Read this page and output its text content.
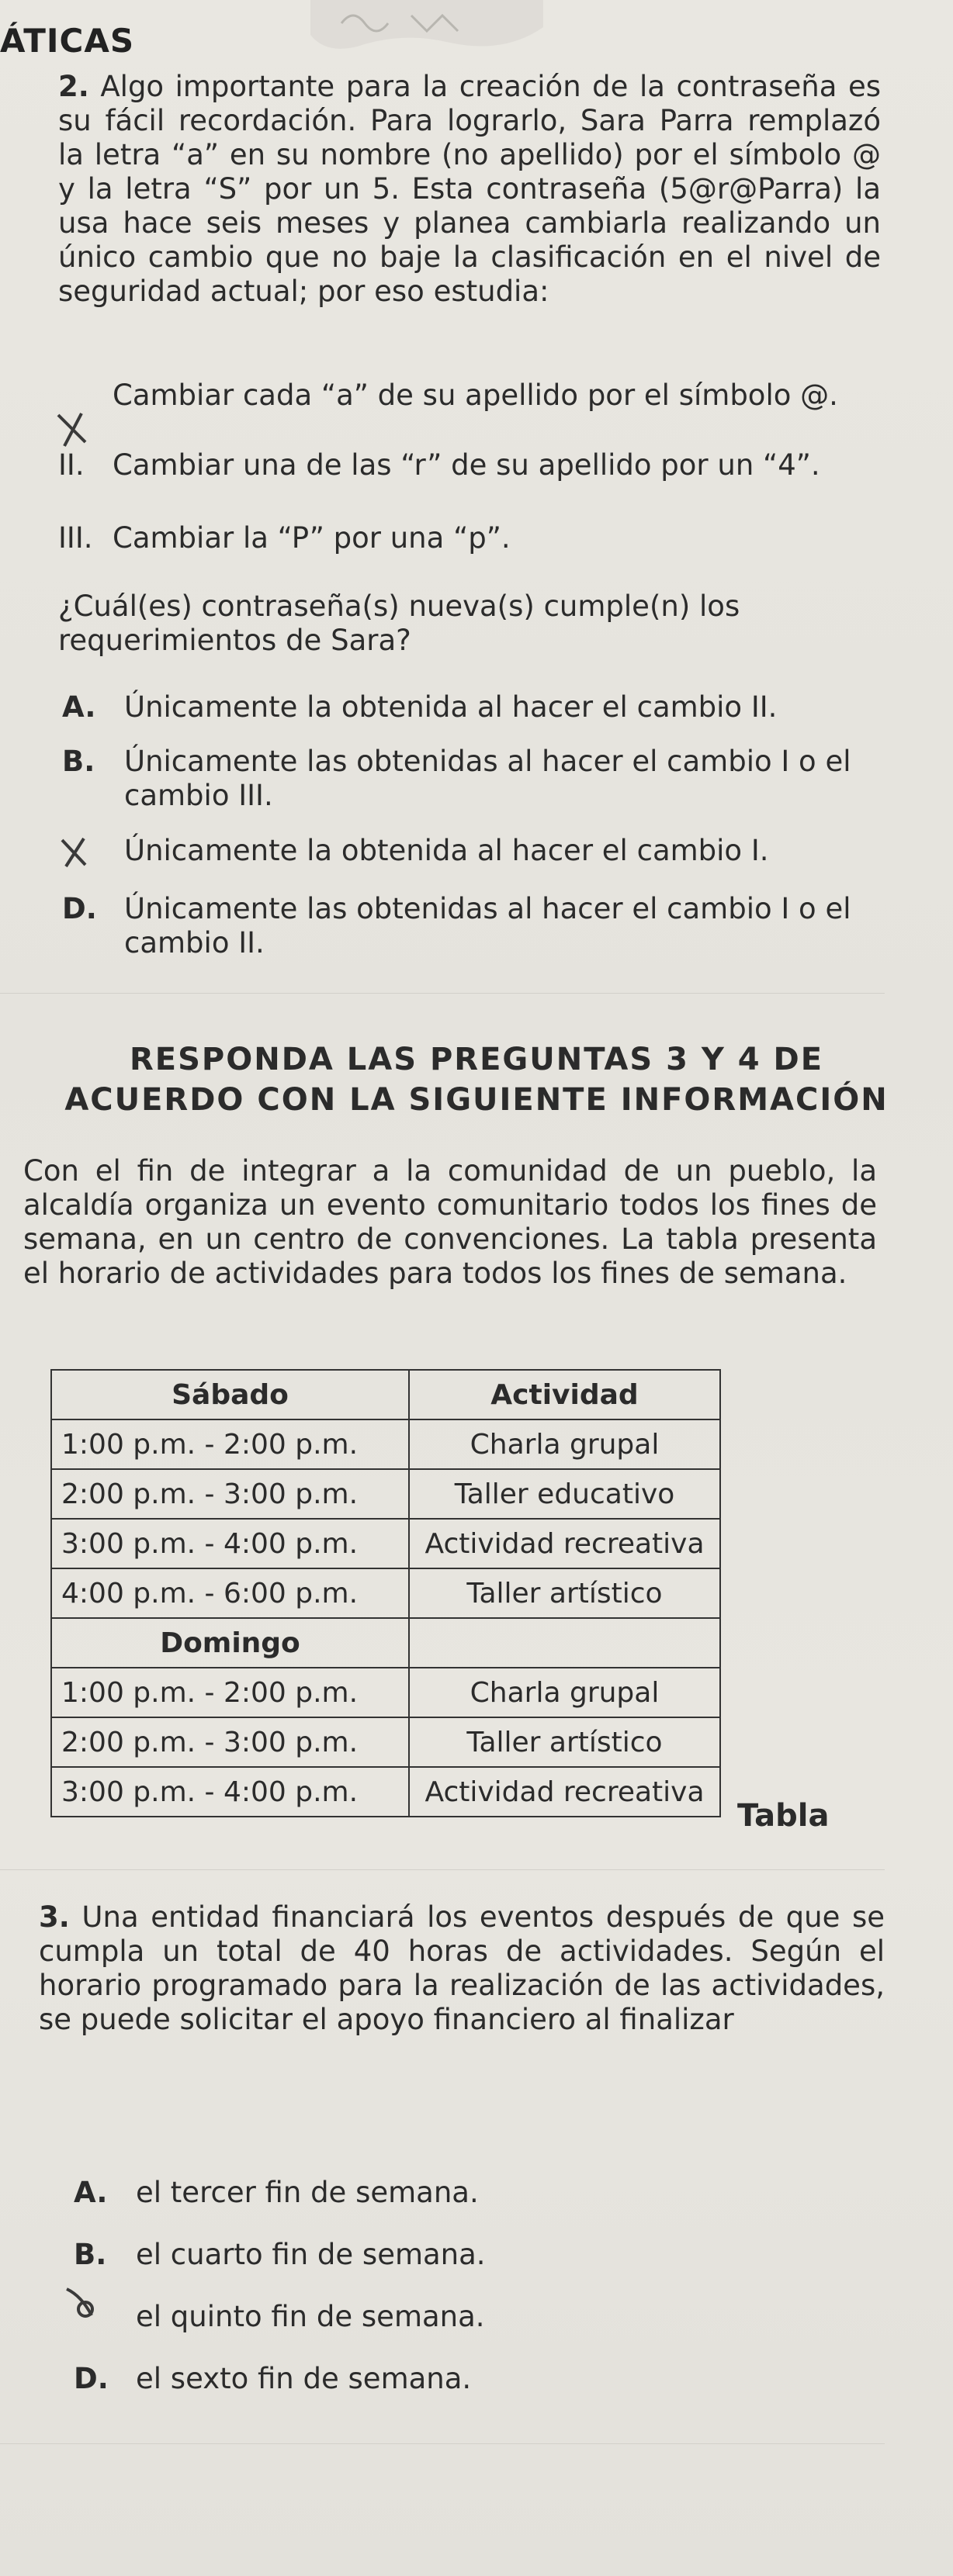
ÁTICAS
2. Algo importante para la creación de la contraseña es su fácil recordación. Para lograrlo, Sara Parra remplazó la letra “a” en su nombre (no apellido) por el símbolo @ y la letra “S” por un 5. Esta contraseña (5@r@Parra) la usa hace seis meses y planea cambiarla realizando un único cambio que no baje la clasificación en el nivel de seguridad actual; por eso estudia:
Cambiar cada “a” de su apellido por el símbolo @.
II. Cambiar una de las “r” de su apellido por un “4”.
III. Cambiar la “P” por una “p”.
¿Cuál(es) contraseña(s) nueva(s) cumple(n) los requerimientos de Sara?
A. Únicamente la obtenida al hacer el cambio II.
B. Únicamente las obtenidas al hacer el cambio I o el cambio III.
Únicamente la obtenida al hacer el cambio I.
D. Únicamente las obtenidas al hacer el cambio I o el cambio II.
RESPONDA LAS PREGUNTAS 3 Y 4 DE
ACUERDO CON LA SIGUIENTE INFORMACIÓN
Con el fin de integrar a la comunidad de un pueblo, la alcaldía organiza un evento comunitario todos los fines de semana, en un centro de convenciones. La tabla presenta el horario de actividades para todos los fines de semana.
Sábado	Actividad
1:00 p.m. - 2:00 p.m.	Charla grupal
2:00 p.m. - 3:00 p.m.	Taller educativo
3:00 p.m. - 4:00 p.m.	Actividad recreativa
4:00 p.m. - 6:00 p.m.	Taller artístico
Domingo	
1:00 p.m. - 2:00 p.m.	Charla grupal
2:00 p.m. - 3:00 p.m.	Taller artístico
3:00 p.m. - 4:00 p.m.	Actividad recreativa
Tabla
3. Una entidad financiará los eventos después de que se cumpla un total de 40 horas de actividades. Según el horario programado para la realización de las actividades, se puede solicitar el apoyo financiero al finalizar
A. el tercer fin de semana.
B. el cuarto fin de semana.
el quinto fin de semana.
D. el sexto fin de semana.
